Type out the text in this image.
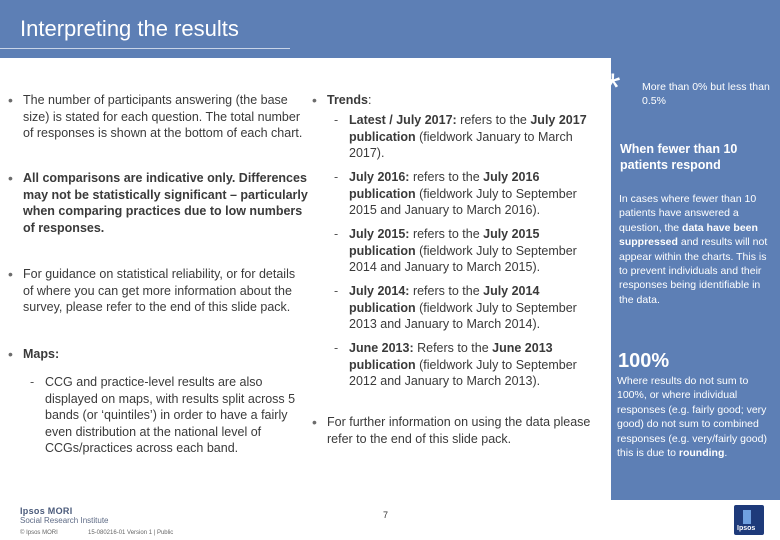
Interpreting the results
• The number of participants answering (the base size) is stated for each question. The total number of responses is shown at the bottom of each chart.
• All comparisons are indicative only. Differences may not be statistically significant – particularly when comparing practices due to low numbers of responses.
• For guidance on statistical reliability, or for details of where you can get more information about the survey, please refer to the end of this slide pack.
• Maps:
- CCG and practice-level results are also displayed on maps, with results split across 5 bands (or ‘quintiles’) in order to have a fairly even distribution at the national level of CCGs/practices across each band.
• Trends:
- Latest / July 2017: refers to the July 2017 publication (fieldwork January to March 2017).
- July 2016: refers to the July 2016 publication (fieldwork July to September 2015 and January to March 2016).
- July 2015: refers to the July 2015 publication (fieldwork July to September 2014 and January to March 2015).
- July 2014: refers to the July 2014 publication (fieldwork July to September 2013 and January to March 2014).
- June 2013: Refers to the June 2013 publication (fieldwork July to September 2012 and January to March 2013).
• For further information on using the data please refer to the end of this slide pack.
* More than 0% but less than 0.5%
When fewer than 10 patients respond
In cases where fewer than 10 patients have answered a question, the data have been suppressed and results will not appear within the charts. This is to prevent individuals and their responses being identifiable in the data.
100%
Where results do not sum to 100%, or where individual responses (e.g. fairly good; very good) do not sum to combined responses (e.g. very/fairly good) this is due to rounding.
Ipsos MORI
Social Research Institute
© Ipsos MORI	15-080216-01 Version 1 | Public
7
Ipsos
